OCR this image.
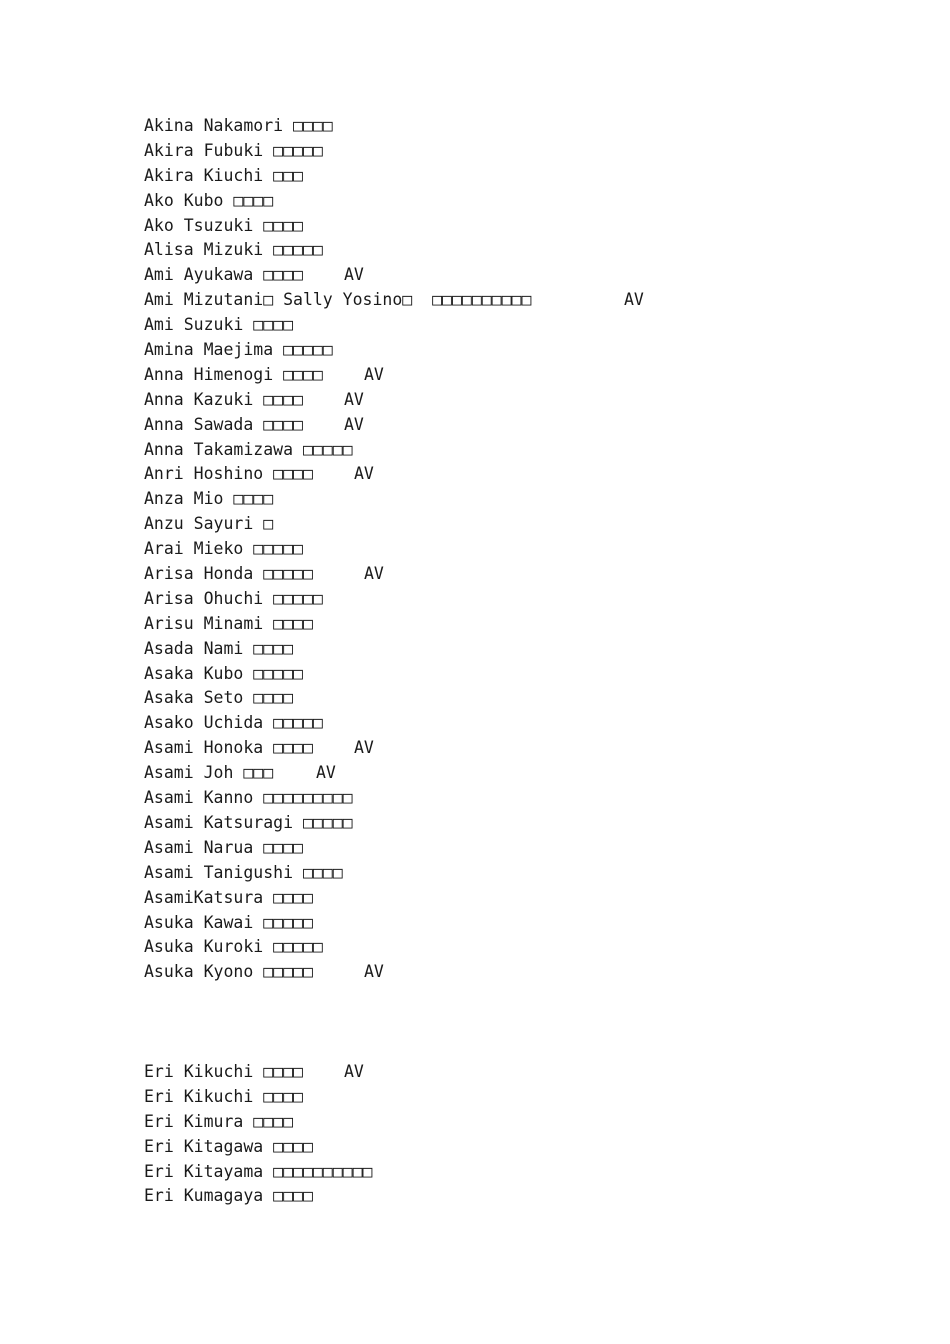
Akina Nakamori □□□□
Akira Fubuki □□□□□
Akira Kiuchi □□□
Ako Kubo □□□□
Ako Tsuzuki □□□□
Alisa Mizuki □□□□□
Ami Ayukawa □□□□ AV
Ami Mizutani□ Sally Yosino□  □□□□□□□□□□	AV
Ami Suzuki □□□□
Amina Maejima □□□□□
Anna Himenogi □□□□ AV
Anna Kazuki □□□□ AV
Anna Sawada □□□□ AV
Anna Takamizawa □□□□□
Anri Hoshino □□□□ AV
Anza Mio □□□□
Anzu Sayuri □
Arai Mieko □□□□□
Arisa Honda □□□□□	AV
Arisa Ohuchi □□□□□
Arisu Minami □□□□
Asada Nami □□□□
Asaka Kubo □□□□□
Asaka Seto □□□□
Asako Uchida □□□□□
Asami Honoka □□□□ AV
Asami Joh □□□	AV
Asami Kanno □□□□□□□□□
Asami Katsuragi □□□□□
Asami Narua □□□□
Asami Tanigushi □□□□
AsamiKatsura □□□□
Asuka Kawai □□□□□
Asuka Kuroki □□□□□
Asuka Kyono □□□□□	AV
Eri Kikuchi □□□□ AV
Eri Kikuchi □□□□
Eri Kimura □□□□
Eri Kitagawa □□□□
Eri Kitayama □□□□□□□□□□
Eri Kumagaya □□□□
